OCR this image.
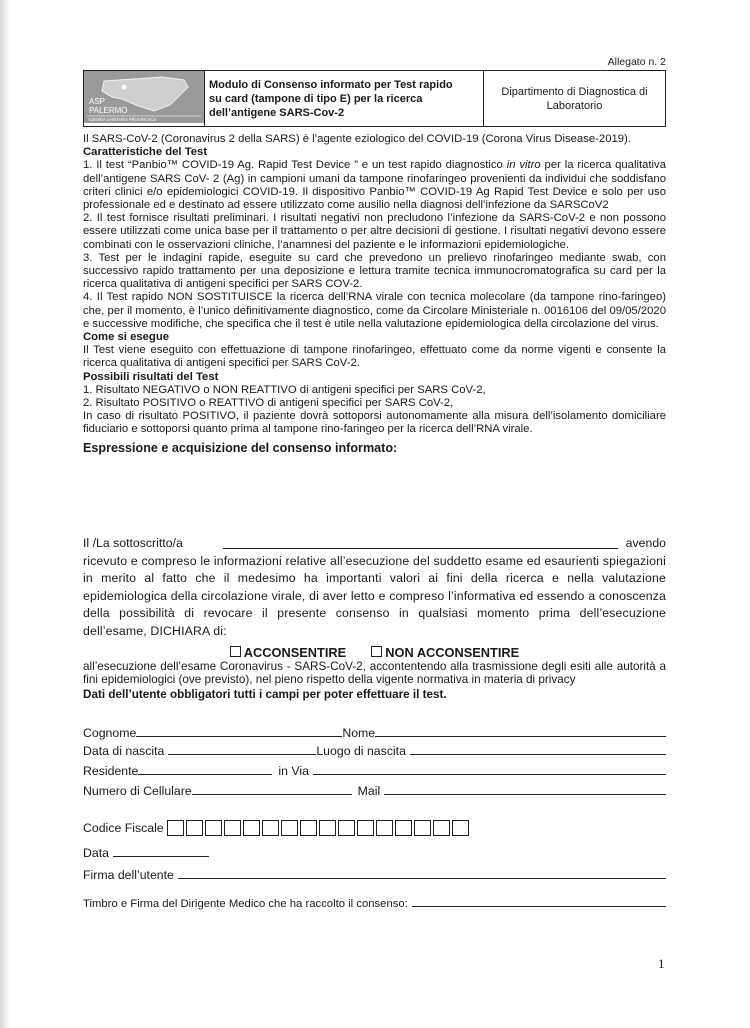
Allegato n. 2
ASP
PALERMO
AZIENDA SANITARIA PROVINCIALE

Modulo di Consenso informato per Test rapido
su card (tampone di tipo E) per la ricerca
dell’antigene SARS-Cov-2

Dipartimento di Diagnostica di
Laboratorio

Il SARS-CoV-2 (Coronavirus 2 della SARS) è l’agente eziologico del COVID-19 (Corona Virus Disease-2019).

Caratteristiche del Test

1. Il test “Panbio™ COVID-19 Ag. Rapid Test Device ” e un test rapido diagnostico in vitro per la ricerca qualitativa dell’antigene SARS CoV- 2 (Ag) in campioni umani da tampone rinofaringeo provenienti da individui che soddisfano criteri clinici e/o epidemiologici COVID-19. Il dispositivo Panbio™ COVID-19 Ag Rapid Test Device e solo per uso professionale ed e destinato ad essere utilizzato come ausilio nella diagnosi dell’infezione da SARSCoV2

2. Il test fornisce risultati preliminari. I risultati negativi non precludono l’infezione da SARS-CoV-2 e non possono essere utilizzati come unica base per il trattamento o per altre decisioni di gestione. I risultati negativi devono essere combinati con le osservazioni cliniche, l’anamnesi del paziente e le informazioni epidemiologiche.

3. Test per le indagini rapide, eseguite su card che prevedono un prelievo rinofaringeo mediante swab, con successivo rapido trattamento per una deposizione e lettura tramite tecnica immunocromatografica su card per la ricerca qualitativa di antigeni specifici per SARS COV-2.

4. Il Test rapido NON SOSTITUISCE la ricerca dell’RNA virale con tecnica molecolare (da tampone rino-faringeo) che, per il momento, è l’unico definitivamente diagnostico, come da Circolare Ministeriale n. 0016106 del 09/05/2020 e successive modifiche, che specifica che il test è utile nella valutazione epidemiologica della circolazione del virus.

Come si esegue

Il Test viene eseguito con effettuazione di tampone rinofaringeo, effettuato come da norme vigenti e consente la ricerca qualitativa di antigeni specifici per SARS CoV-2.

Possibili risultati del Test

1. Risultato NEGATIVO o NON REATTIVO di antigeni specifici per SARS CoV-2,

2. Risultato POSITIVO o REATTIVO di antigeni specifici per SARS CoV-2,

In caso di risultato POSITIVO, il paziente dovrà sottoporsi autonomamente alla misura dell’isolamento domiciliare fiduciario e sottoporsi quanto prima al tampone rino-faringeo per la ricerca dell’RNA virale.

Espressione e acquisizione del consenso informato:

Il /La sottoscritto/a	avendo

ricevuto e compreso le informazioni relative all’esecuzione del suddetto esame ed esaurienti spiegazioni in merito al fatto che il medesimo ha importanti valori ai fini della ricerca e nella valutazione epidemiologica della circolazione virale, di aver letto e compreso l’informativa ed essendo a conoscenza della possibilità di revocare il presente consenso in qualsiasi momento prima dell’esecuzione dell’esame, DICHIARA di:

ACCONSENTIRE	NON ACCONSENTIRE

all’esecuzione dell’esame Coronavirus - SARS-CoV-2, accontentendo alla trasmissione degli esiti alle autorità a fini epidemiologici (ove previsto), nel pieno rispetto della vigente normativa in materia di privacy

Dati dell’utente obbligatori tutti i campi per poter effettuare il test.

Cognome	Nome
Data di nascita	Luogo di nascita
Residente	in Via
Numero di Cellulare	Mail
Codice Fiscale
Data
Firma dell’utente
Timbro e Firma del Dirigente Medico che ha raccolto il consenso:
1
